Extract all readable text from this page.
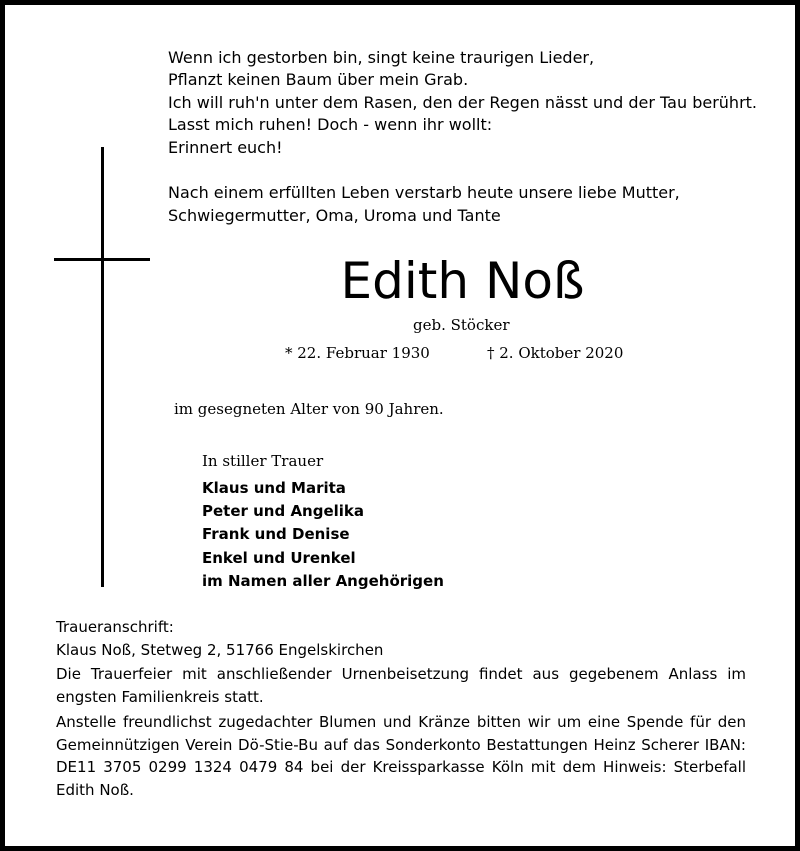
Wenn ich gestorben bin, singt keine traurigen Lieder,
Pflanzt keinen Baum über mein Grab.
Ich will ruh'n unter dem Rasen, den der Regen nässt und der Tau berührt.
Lasst mich ruhen! Doch - wenn ihr wollt:
Erinnert euch!
Nach einem erfüllten Leben verstarb heute unsere liebe Mutter,
Schwiegermutter, Oma, Uroma und Tante
Edith Noß
geb. Stöcker
* 22. Februar 1930	† 2. Oktober 2020
im gesegneten Alter von 90 Jahren.
In stiller Trauer
Klaus und Marita
Peter und Angelika
Frank und Denise
Enkel und Urenkel
im Namen aller Angehörigen
Traueranschrift:
Klaus Noß, Stetweg 2, 51766 Engelskirchen
Die Trauerfeier mit anschließender Urnenbeisetzung findet aus gegebenem Anlass im engsten Familienkreis statt.
Anstelle freundlichst zugedachter Blumen und Kränze bitten wir um eine Spende für den Gemeinnützigen Verein Dö-Stie-Bu auf das Sonderkonto Bestattungen Heinz Scherer IBAN: DE11 3705 0299 1324 0479 84 bei der Kreissparkasse Köln mit dem Hinweis: Sterbefall Edith Noß.
